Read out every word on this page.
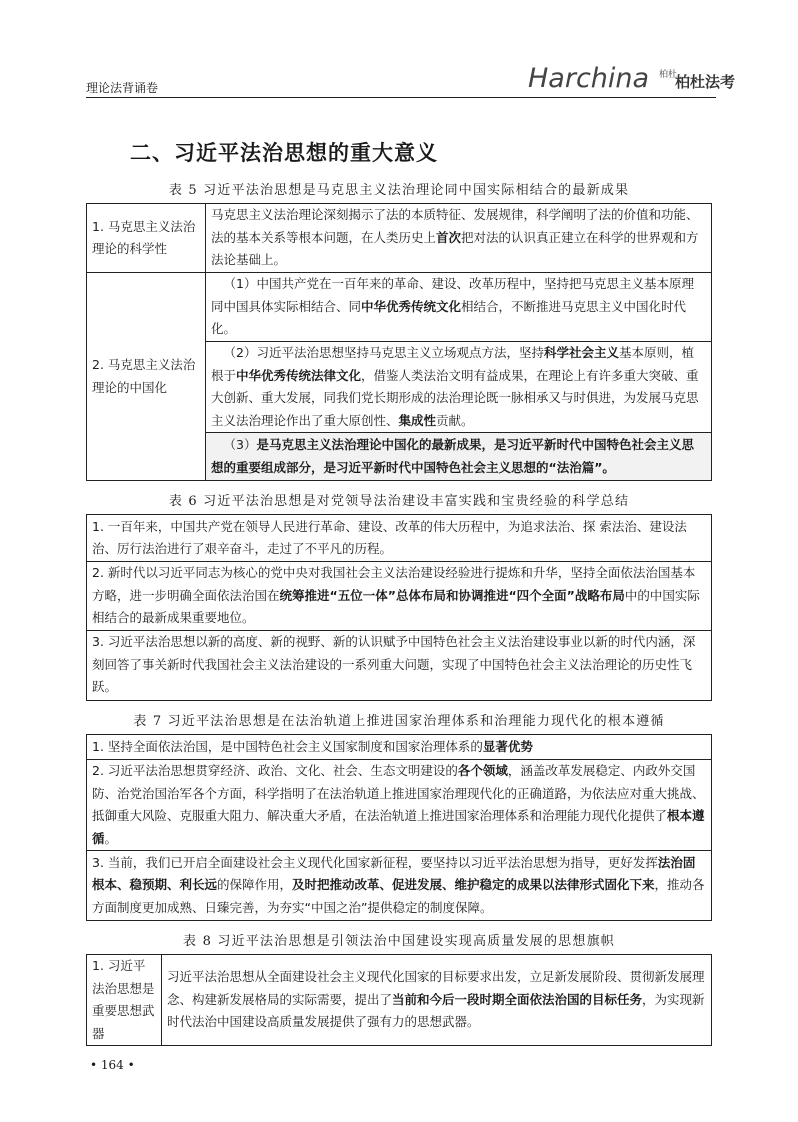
理论法背诵卷	Harchina 柏杜
柏杜法考
二、习近平法治思想的重大意义
表 5 习近平法治思想是马克思主义法治理论同中国实际相结合的最新成果
1. 马克思主义法治理论的科学性	马克思主义法治理论深刻揭示了法的本质特征、发展规律，科学阐明了法的价值和功能、法的基本关系等根本问题，在人类历史上首次把对法的认识真正建立在科学的世界观和方法论基础上。
2. 马克思主义法治理论的中国化	（1）中国共产党在一百年来的革命、建设、改革历程中，坚持把马克思主义基本原理同中国具体实际相结合、同中华优秀传统文化相结合，不断推进马克思主义中国化时代化。
	（2）习近平法治思想坚持马克思主义立场观点方法，坚持科学社会主义基本原则，植根于中华优秀传统法律文化，借鉴人类法治文明有益成果，在理论上有许多重大突破、重大创新、重大发展，同我们党长期形成的法治理论既一脉相承又与时俱进，为发展马克思主义法治理论作出了重大原创性、集成性贡献。
	（3）是马克思主义法治理论中国化的最新成果，是习近平新时代中国特色社会主义思想的重要组成部分，是习近平新时代中国特色社会主义思想的“法治篇”。
表 6 习近平法治思想是对党领导法治建设丰富实践和宝贵经验的科学总结
1. 一百年来，中国共产党在领导人民进行革命、建设、改革的伟大历程中，为追求法治、探 索法治、建设法治、厉行法治进行了艰辛奋斗，走过了不平凡的历程。
2. 新时代以习近平同志为核心的党中央对我国社会主义法治建设经验进行提炼和升华，坚持全面依法治国基本方略，进一步明确全面依法治国在统筹推进“五位一体”总体布局和协调推进“四个全面”战略布局中的中国实际相结合的最新成果重要地位。
3. 习近平法治思想以新的高度、新的视野、新的认识赋予中国特色社会主义法治建设事业以新的时代内涵，深刻回答了事关新时代我国社会主义法治建设的一系列重大问题，实现了中国特色社会主义法治理论的历史性飞跃。
表 7 习近平法治思想是在法治轨道上推进国家治理体系和治理能力现代化的根本遵循
1. 坚持全面依法治国，是中国特色社会主义国家制度和国家治理体系的显著优势
2. 习近平法治思想贯穿经济、政治、文化、社会、生态文明建设的各个领域，涵盖改革发展稳定、内政外交国防、治党治国治军各个方面，科学指明了在法治轨道上推进国家治理现代化的正确道路，为依法应对重大挑战、抵御重大风险、克服重大阻力、解决重大矛盾，在法治轨道上推进国家治理体系和治理能力现代化提供了根本遵循。
3. 当前，我们已开启全面建设社会主义现代化国家新征程，要坚持以习近平法治思想为指导，更好发挥法治固根本、稳预期、利长远的保障作用，及时把推动改革、促进发展、维护稳定的成果以法律形式固化下来，推动各方面制度更加成熟、日臻完善，为夯实“中国之治”提供稳定的制度保障。
表 8 习近平法治思想是引领法治中国建设实现高质量发展的思想旗帜
1. 习近平法治思想是重要思想武器	习近平法治思想从全面建设社会主义现代化国家的目标要求出发，立足新发展阶段、贯彻新发展理念、构建新发展格局的实际需要，提出了当前和今后一段时期全面依法治国的目标任务，为实现新时代法治中国建设高质量发展提供了强有力的思想武器。
• 164 •
